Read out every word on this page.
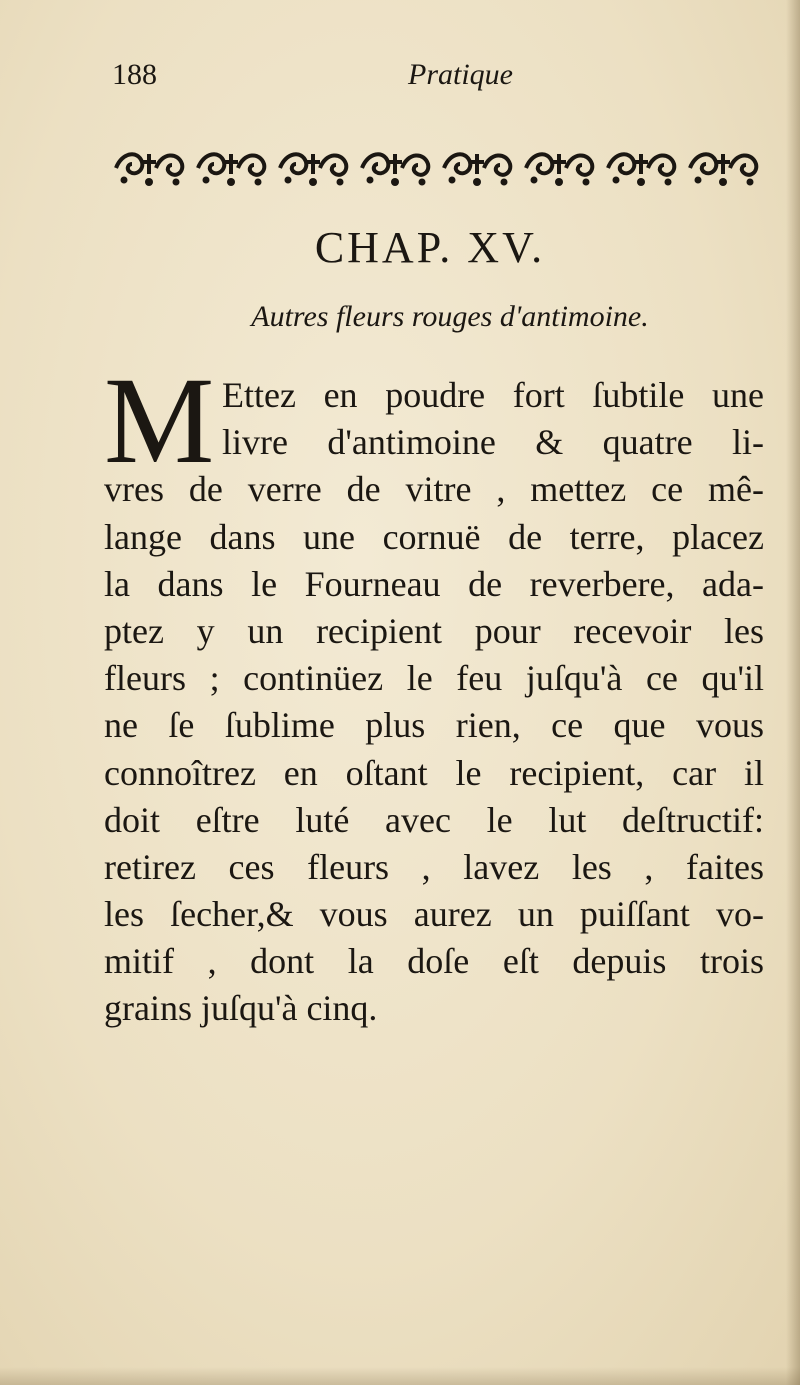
188	Pratique
CHAP. XV.
Autres fleurs rouges d'antimoine.
M Ettez en poudre fort ſubtile une
livre d'antimoine & quatre li-
vres de verre de vitre , mettez ce mê-
lange dans une cornuë de terre, placez
la dans le Fourneau de reverbere, ada-
ptez y un recipient pour recevoir les
fleurs ; continüez le feu juſqu'à ce qu'il
ne ſe ſublime plus rien, ce que vous
connoîtrez en oſtant le recipient, car il
doit eſtre luté avec le lut deſtructif:
retirez ces fleurs , lavez les , faites
les ſecher,& vous aurez un puiſſant vo-
mitif , dont la doſe eſt depuis trois
grains juſqu'à cinq.
